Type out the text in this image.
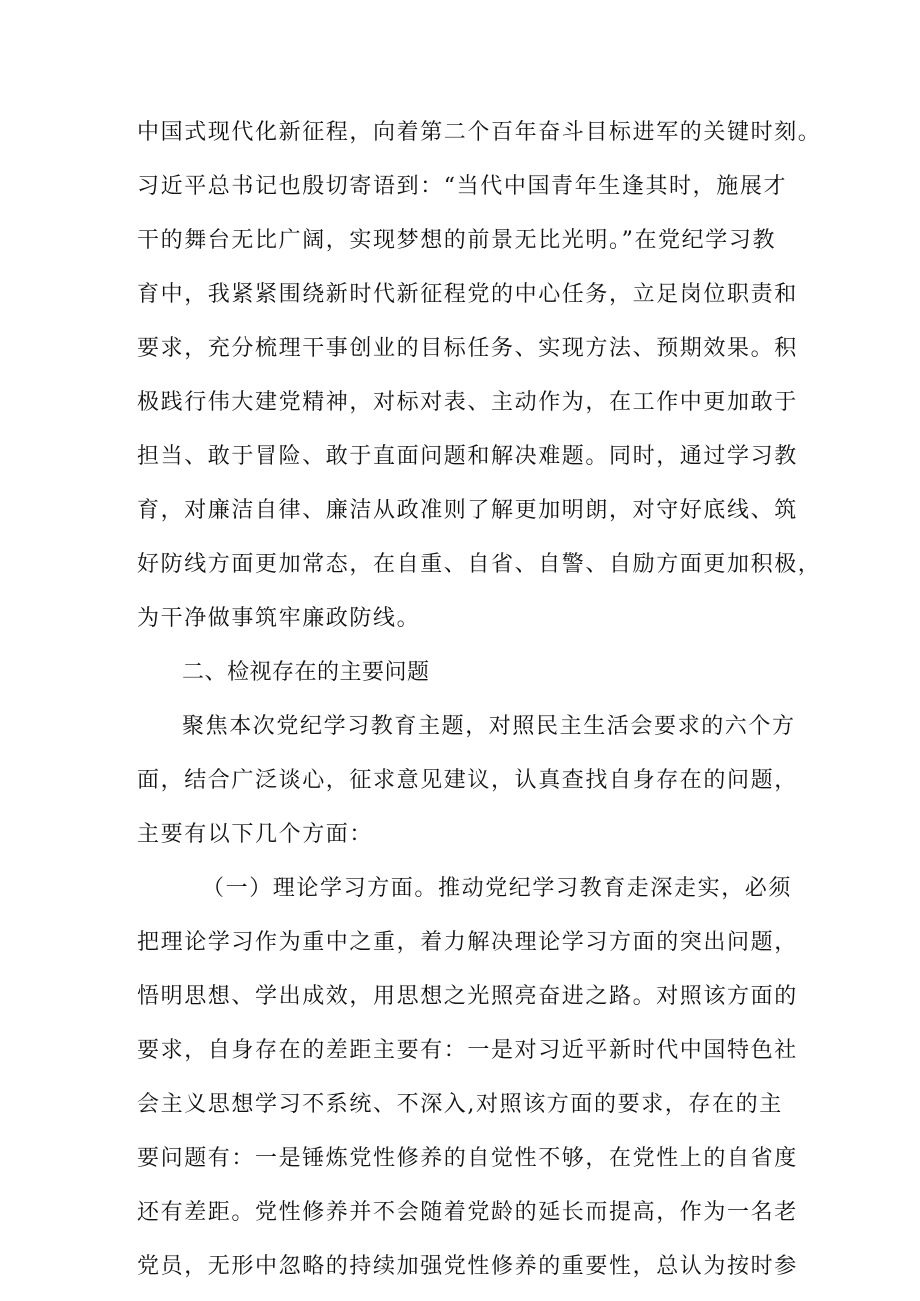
中国式现代化新征程，向着第二个百年奋斗目标进军的关键时刻。
习近平总书记也殷切寄语到：“当代中国青年生逢其时，施展才
干的舞台无比广阔，实现梦想的前景无比光明。”在党纪学习教
育中，我紧紧围绕新时代新征程党的中心任务，立足岗位职责和
要求，充分梳理干事创业的目标任务、实现方法、预期效果。积
极践行伟大建党精神，对标对表、主动作为，在工作中更加敢于
担当、敢于冒险、敢于直面问题和解决难题。同时，通过学习教
育，对廉洁自律、廉洁从政准则了解更加明朗，对守好底线、筑
好防线方面更加常态，在自重、自省、自警、自励方面更加积极，
为干净做事筑牢廉政防线。
二、检视存在的主要问题
聚焦本次党纪学习教育主题，对照民主生活会要求的六个方
面，结合广泛谈心，征求意见建议，认真查找自身存在的问题，
主要有以下几个方面：
（一）理论学习方面。推动党纪学习教育走深走实，必须
把理论学习作为重中之重，着力解决理论学习方面的突出问题，
悟明思想、学出成效，用思想之光照亮奋进之路。对照该方面的
要求，自身存在的差距主要有：一是对习近平新时代中国特色社
会主义思想学习不系统、不深入,对照该方面的要求，存在的主
要问题有：一是锤炼党性修养的自觉性不够，在党性上的自省度
还有差距。党性修养并不会随着党龄的延长而提高，作为一名老
党员，无形中忽略的持续加强党性修养的重要性，总认为按时参
